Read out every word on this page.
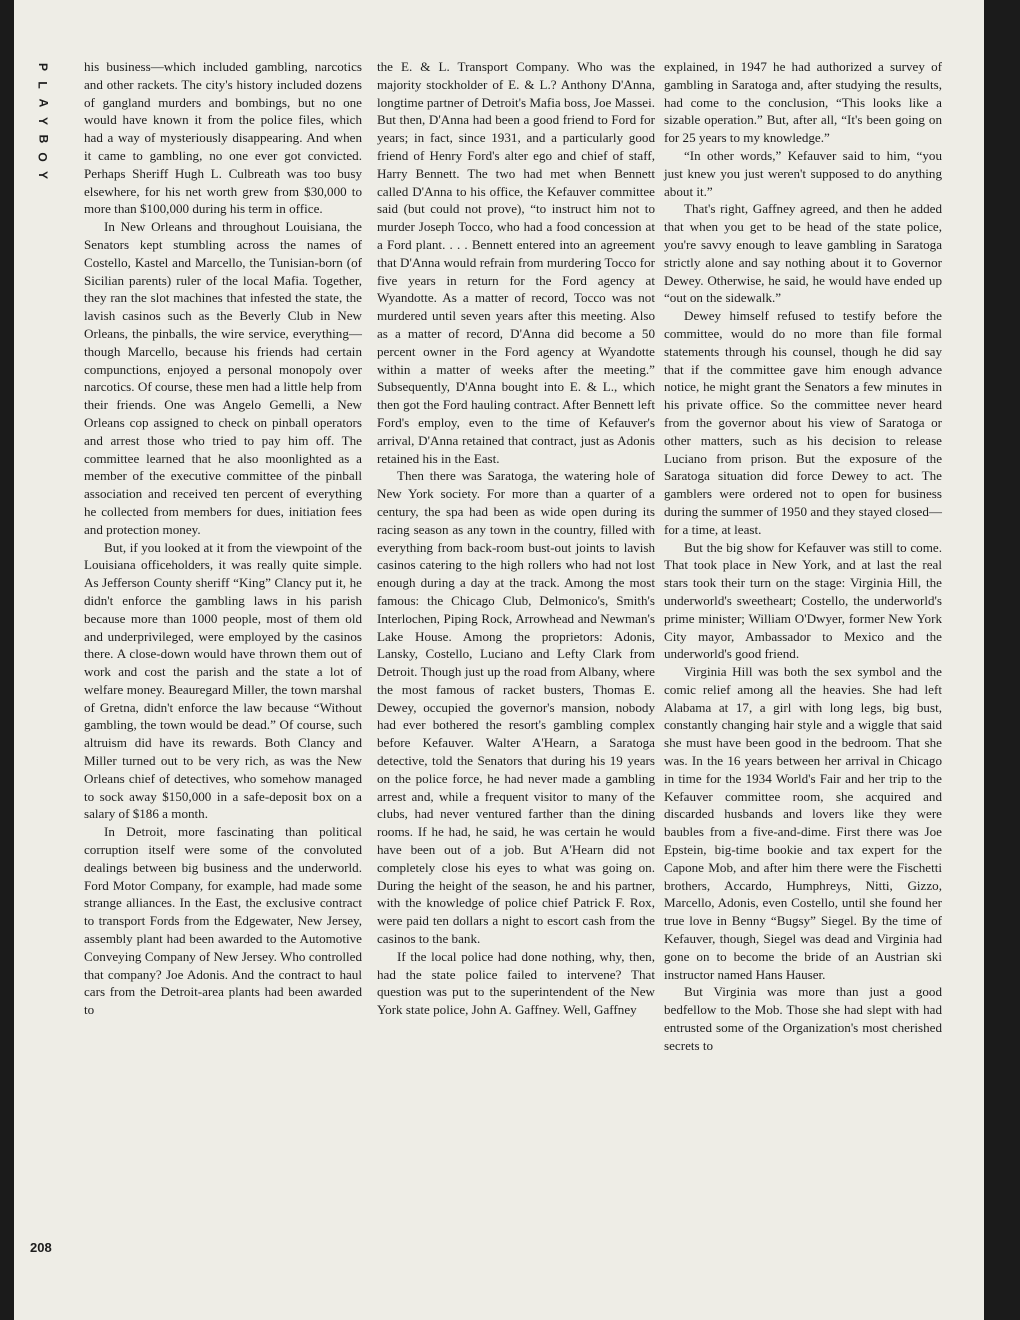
P
L
A
Y
B
O
Y
208

his business—which included gambling, narcotics and other rackets. The city's history included dozens of gangland murders and bombings, but no one would have known it from the police files, which had a way of mysteriously disappearing. And when it came to gambling, no one ever got convicted. Perhaps Sheriff Hugh L. Culbreath was too busy elsewhere, for his net worth grew from $30,000 to more than $100,000 during his term in office.

In New Orleans and throughout Louisiana, the Senators kept stumbling across the names of Costello, Kastel and Marcello, the Tunisian-born (of Sicilian parents) ruler of the local Mafia. Together, they ran the slot machines that infested the state, the lavish casinos such as the Beverly Club in New Orleans, the pinballs, the wire service, everything—though Marcello, because his friends had certain compunctions, enjoyed a personal monopoly over narcotics. Of course, these men had a little help from their friends. One was Angelo Gemelli, a New Orleans cop assigned to check on pinball operators and arrest those who tried to pay him off. The committee learned that he also moonlighted as a member of the executive committee of the pinball association and received ten percent of everything he collected from members for dues, initiation fees and protection money.

But, if you looked at it from the viewpoint of the Louisiana officeholders, it was really quite simple. As Jefferson County sheriff “King” Clancy put it, he didn't enforce the gambling laws in his parish because more than 1000 people, most of them old and underprivileged, were employed by the casinos there. A close-down would have thrown them out of work and cost the parish and the state a lot of welfare money. Beauregard Miller, the town marshal of Gretna, didn't enforce the law because “Without gambling, the town would be dead.” Of course, such altruism did have its rewards. Both Clancy and Miller turned out to be very rich, as was the New Orleans chief of detectives, who somehow managed to sock away $150,000 in a safe-deposit box on a salary of $186 a month.

In Detroit, more fascinating than political corruption itself were some of the convoluted dealings between big business and the underworld. Ford Motor Company, for example, had made some strange alliances. In the East, the exclusive contract to transport Fords from the Edgewater, New Jersey, assembly plant had been awarded to the Automotive Conveying Company of New Jersey. Who controlled that company? Joe Adonis. And the contract to haul cars from the Detroit-area plants had been awarded to

the E. & L. Transport Company. Who was the majority stockholder of E. & L.? Anthony D'Anna, longtime partner of Detroit's Mafia boss, Joe Massei. But then, D'Anna had been a good friend to Ford for years; in fact, since 1931, and a particularly good friend of Henry Ford's alter ego and chief of staff, Harry Bennett. The two had met when Bennett called D'Anna to his office, the Kefauver committee said (but could not prove), “to instruct him not to murder Joseph Tocco, who had a food concession at a Ford plant. . . . Bennett entered into an agreement that D'Anna would refrain from murdering Tocco for five years in return for the Ford agency at Wyandotte. As a matter of record, Tocco was not murdered until seven years after this meeting. Also as a matter of record, D'Anna did become a 50 percent owner in the Ford agency at Wyandotte within a matter of weeks after the meeting.” Subsequently, D'Anna bought into E. & L., which then got the Ford hauling contract. After Bennett left Ford's employ, even to the time of Kefauver's arrival, D'Anna retained that contract, just as Adonis retained his in the East.

Then there was Saratoga, the watering hole of New York society. For more than a quarter of a century, the spa had been as wide open during its racing season as any town in the country, filled with everything from back-room bust-out joints to lavish casinos catering to the high rollers who had not lost enough during a day at the track. Among the most famous: the Chicago Club, Delmonico's, Smith's Interlochen, Piping Rock, Arrowhead and Newman's Lake House. Among the proprietors: Adonis, Lansky, Costello, Luciano and Lefty Clark from Detroit. Though just up the road from Albany, where the most famous of racket busters, Thomas E. Dewey, occupied the governor's mansion, nobody had ever bothered the resort's gambling complex before Kefauver. Walter A'Hearn, a Saratoga detective, told the Senators that during his 19 years on the police force, he had never made a gambling arrest and, while a frequent visitor to many of the clubs, had never ventured farther than the dining rooms. If he had, he said, he was certain he would have been out of a job. But A'Hearn did not completely close his eyes to what was going on. During the height of the season, he and his partner, with the knowledge of police chief Patrick F. Rox, were paid ten dollars a night to escort cash from the casinos to the bank.

If the local police had done nothing, why, then, had the state police failed to intervene? That question was put to the superintendent of the New York state police, John A. Gaffney. Well, Gaffney

explained, in 1947 he had authorized a survey of gambling in Saratoga and, after studying the results, had come to the conclusion, “This looks like a sizable operation.” But, after all, “It's been going on for 25 years to my knowledge.”

“In other words,” Kefauver said to him, “you just knew you just weren't supposed to do anything about it.”

That's right, Gaffney agreed, and then he added that when you get to be head of the state police, you're savvy enough to leave gambling in Saratoga strictly alone and say nothing about it to Governor Dewey. Otherwise, he said, he would have ended up “out on the sidewalk.”

Dewey himself refused to testify before the committee, would do no more than file formal statements through his counsel, though he did say that if the committee gave him enough advance notice, he might grant the Senators a few minutes in his private office. So the committee never heard from the governor about his view of Saratoga or other matters, such as his decision to release Luciano from prison. But the exposure of the Saratoga situation did force Dewey to act. The gamblers were ordered not to open for business during the summer of 1950 and they stayed closed—for a time, at least.

But the big show for Kefauver was still to come. That took place in New York, and at last the real stars took their turn on the stage: Virginia Hill, the underworld's sweetheart; Costello, the underworld's prime minister; William O'Dwyer, former New York City mayor, Ambassador to Mexico and the underworld's good friend.

Virginia Hill was both the sex symbol and the comic relief among all the heavies. She had left Alabama at 17, a girl with long legs, big bust, constantly changing hair style and a wiggle that said she must have been good in the bedroom. That she was. In the 16 years between her arrival in Chicago in time for the 1934 World's Fair and her trip to the Kefauver committee room, she acquired and discarded husbands and lovers like they were baubles from a five-and-dime. First there was Joe Epstein, big-time bookie and tax expert for the Capone Mob, and after him there were the Fischetti brothers, Accardo, Humphreys, Nitti, Gizzo, Marcello, Adonis, even Costello, until she found her true love in Benny “Bugsy” Siegel. By the time of Kefauver, though, Siegel was dead and Virginia had gone on to become the bride of an Austrian ski instructor named Hans Hauser.

But Virginia was more than just a good bedfellow to the Mob. Those she had slept with had entrusted some of the Organization's most cherished secrets to
